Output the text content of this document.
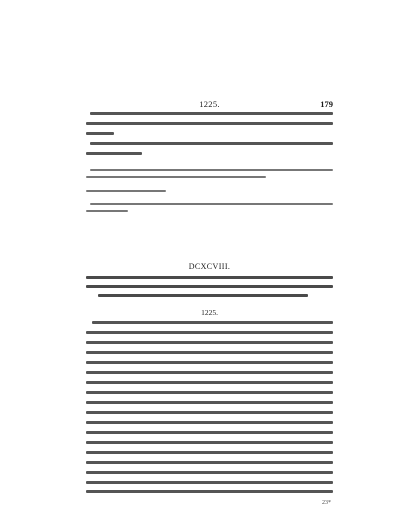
1225.	179
DCXCVIII.
1225.
23*
